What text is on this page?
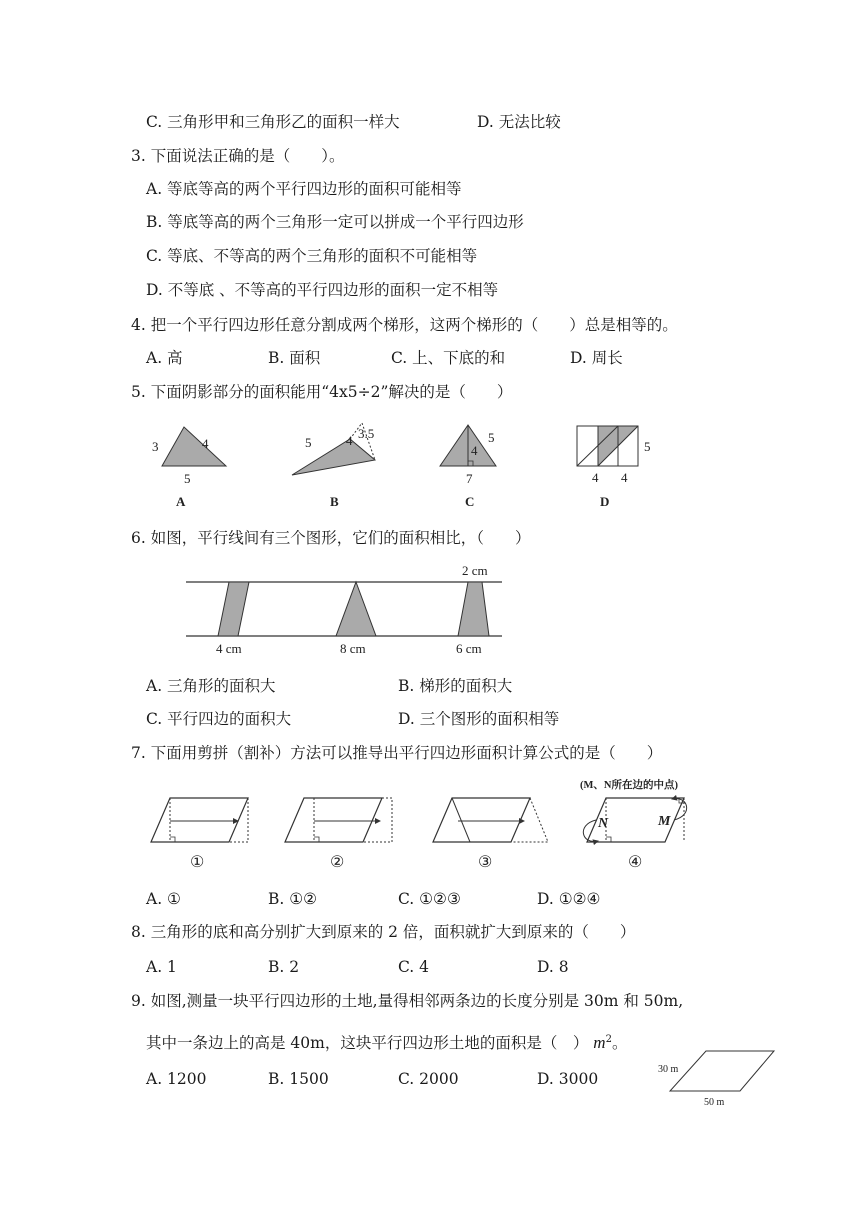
C. 三角形甲和三角形乙的面积一样大	D. 无法比较
3. 下面说法正确的是（　　）。
A. 等底等高的两个平行四边形的面积可能相等
B. 等底等高的两个三角形一定可以拼成一个平行四边形
C. 等底、不等高的两个三角形的面积不可能相等
D. 不等底 、不等高的平行四边形的面积一定不相等
4. 把一个平行四边形任意分割成两个梯形，这两个梯形的（　　）总是相等的。
A. 高	B. 面积	C. 上、下底的和	D. 周长
5. 下面阴影部分的面积能用“4x5÷2”解决的是（　　）
3	4
5
A
5	4 3.5
B
5
4
7
C
5
4 4
D
6. 如图，平行线间有三个图形，它们的面积相比，（　　）
2 cm
4 cm	8 cm	6 cm
A. 三角形的面积大	B. 梯形的面积大
C. 平行四边的面积大	D. 三个图形的面积相等
7. 下面用剪拼（割补）方法可以推导出平行四边形面积计算公式的是（　　）
①	②	③
(M、N所在边的中点)
N	M
④
A. ①	B. ①②	C. ①②③	D. ①②④
8. 三角形的底和高分别扩大到原来的 2 倍，面积就扩大到原来的（　　）
A. 1	B. 2	C. 4	D. 8
9. 如图,测量一块平行四边形的土地,量得相邻两条边的长度分别是 30m 和 50m,
其中一条边上的高是 40m，这块平行四边形土地的面积是（　） $m^2$。
A. 1200	B. 1500	C. 2000	D. 3000
30 m
50 m
